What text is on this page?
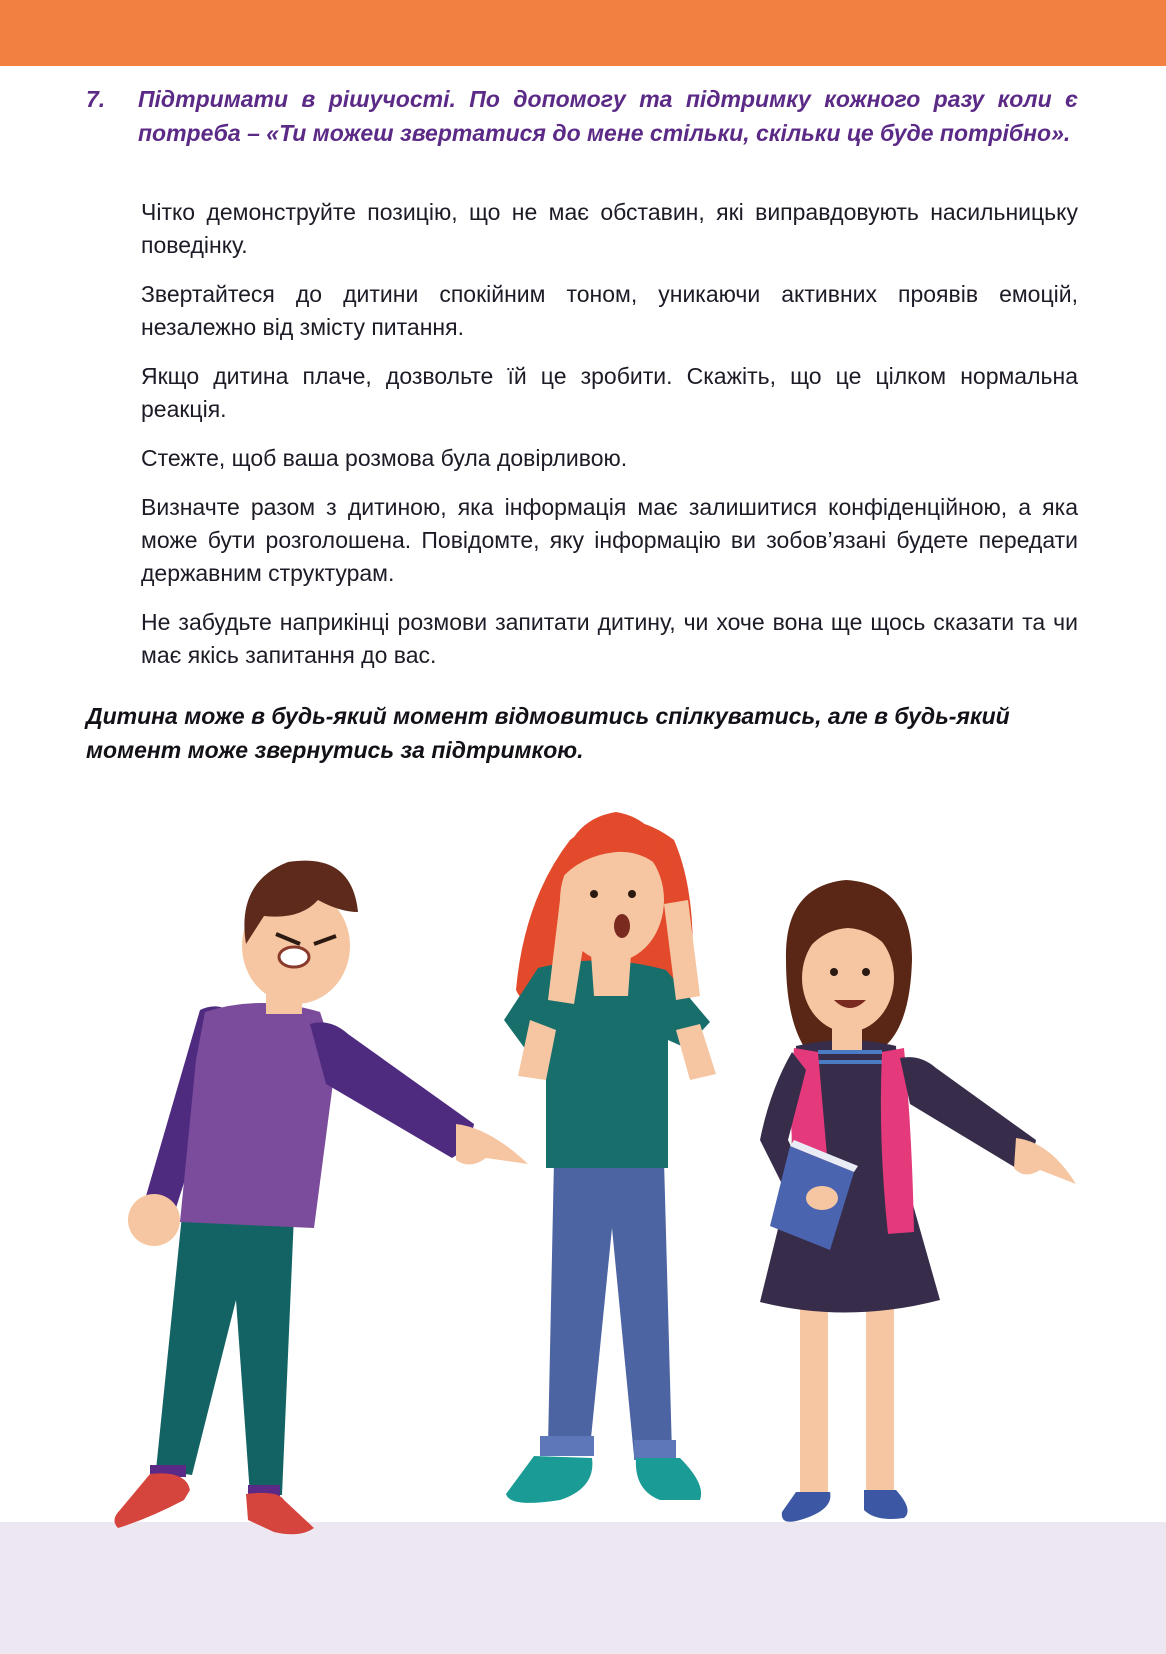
7. Підтримати в рішучості. По допомогу та підтримку кожного разу коли є потреба – «Ти можеш звертатися до мене стільки, скільки це буде потрібно».

Чітко демонструйте позицію, що не має обставин, які виправдовують насильницьку поведінку.

Звертайтеся до дитини спокійним тоном, уникаючи активних проявів емоцій, незалежно від змісту питання.

Якщо дитина плаче, дозвольте їй це зробити. Скажіть, що це цілком нормальна реакція.

Стежте, щоб ваша розмова була довірливою.

Визначте разом з дитиною, яка інформація має залишитися конфіденційною, а яка може бути розголошена. Повідомте, яку інформацію ви зобов’язані будете передати державним структурам.

Не забудьте наприкінці розмови запитати дитину, чи хоче вона ще щось сказати та чи має якісь запитання до вас.

Дитина може в будь-який момент відмовитись спілкуватись, але в будь-який момент може звернутись за підтримкою.
